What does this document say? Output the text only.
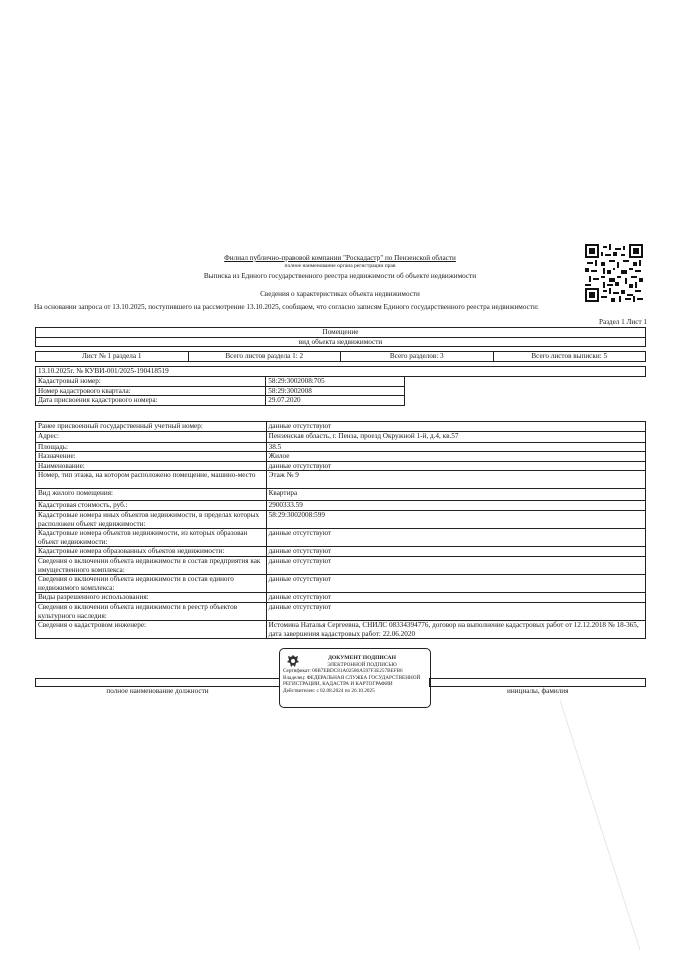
Филиал публично-правовой компании "Роскадастр" по Пензенской области
полное наименование органа регистрации прав
Выписка из Единого государственного реестра недвижимости об объекте недвижимости
Сведения о характеристиках объекта недвижимости
На основании запроса от 13.10.2025, поступившего на рассмотрение 13.10.2025, сообщаем, что согласно записям Единого государственного реестра недвижимости:
Раздел 1 Лист 1
Помещение
вид объекта недвижимости
Лист № 1 раздела 1	Всего листов раздела 1: 2	Всего разделов: 3	Всего листов выписки: 5
13.10.2025г. № КУВИ-001/2025-190418519
Кадастровый номер:	58:29:3002008:705
Номер кадастрового квартала:	58:29:3002008
Дата присвоения кадастрового номера:	29.07.2020
Ранее присвоенный государственный учетный номер:	данные отсутствуют
Адрес:	Пензенская область, г. Пенза, проезд Окружной 1-й, д.4, кв.57
Площадь:	38.5
Назначение:	Жилое
Наименование:	данные отсутствуют
Номер, тип этажа, на котором расположено помещение, машино-место	Этаж № 9
Вид жилого помещения:	Квартира
Кадастровая стоимость, руб.:	2900333.59
Кадастровые номера иных объектов недвижимости, в пределах которых расположен объект недвижимости:	58:29:3002008:599
Кадастровые номера объектов недвижимости, из которых образован объект недвижимости:	данные отсутствуют
Кадастровые номера образованных объектов недвижимости:	данные отсутствуют
Сведения о включении объекта недвижимости в состав предприятия как имущественного комплекса:	данные отсутствуют
Сведения о включении объекта недвижимости в состав единого недвижимого комплекса:	данные отсутствуют
Виды разрешенного использования:	данные отсутствуют
Сведения о включении объекта недвижимости в реестр объектов культурного наследия:	данные отсутствуют
Сведения о кадастровом инженере:	Истомина Наталья Сергеевна, СНИЛС 08334394776, договор на выполнение кадастровых работ от 12.12.2018 № 18-365, дата завершения кадастровых работ: 22.06.2020

полное наименование должности		инициалы, фамилия
ДОКУМЕНТ ПОДПИСАН
ЭЛЕКТРОННОЙ ПОДПИСЬЮ
Сертификат: 00B7EBDC81A02586A597F3E257BEFB6
Владелец: ФЕДЕРАЛЬНАЯ СЛУЖБА ГОСУДАРСТВЕННОЙ
РЕГИСТРАЦИИ, КАДАСТРА И КАРТОГРАФИИ
Действителен: с 02.08.2024 по 26.10.2025
